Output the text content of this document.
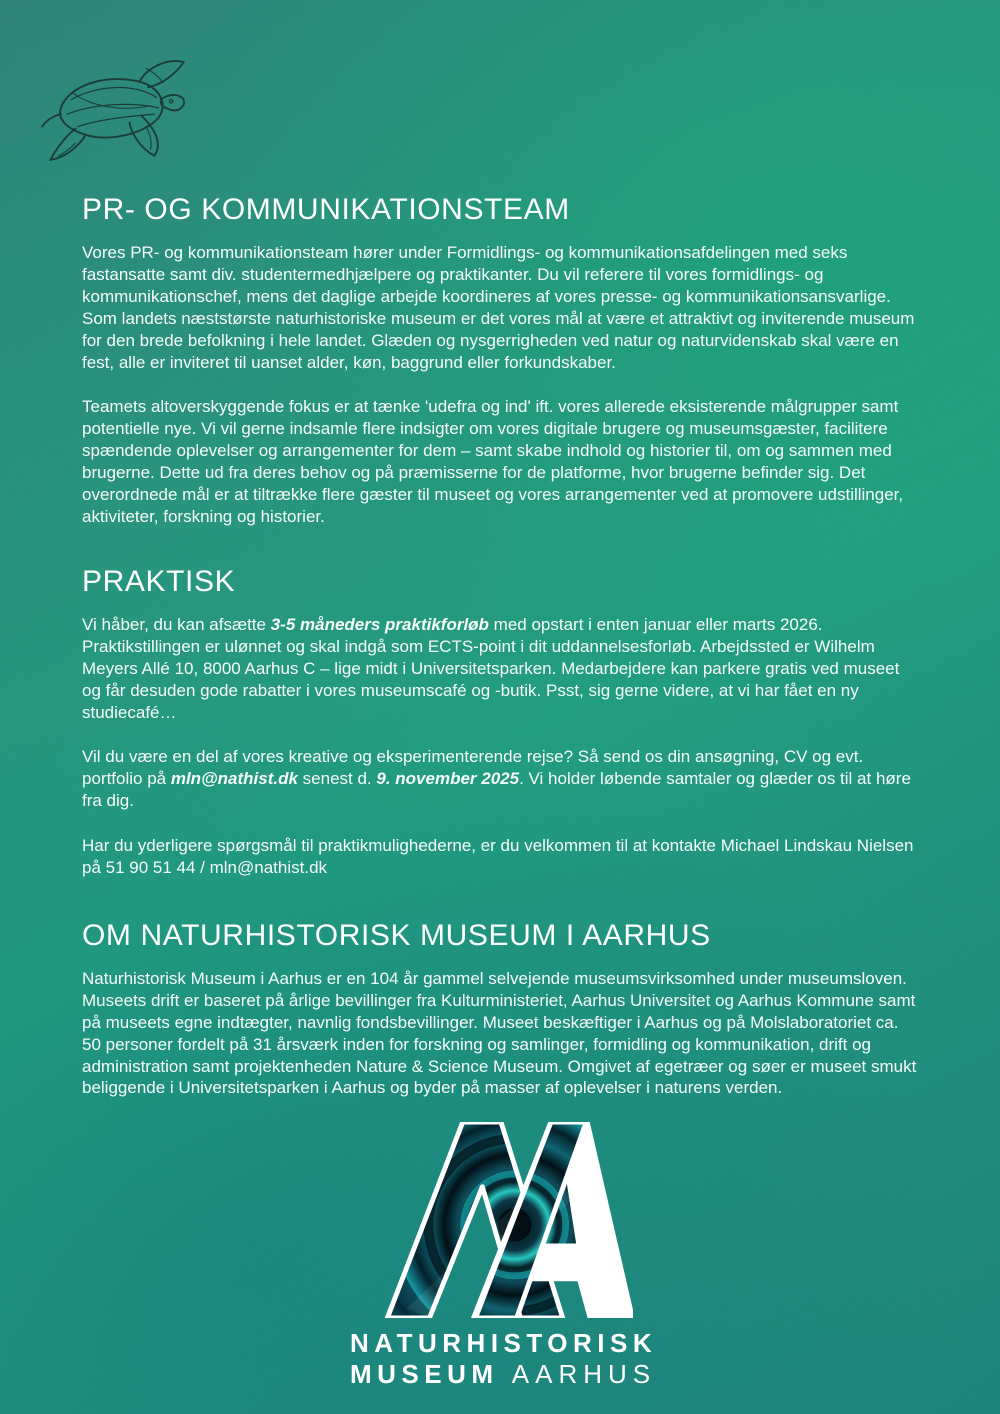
PR- OG KOMMUNIKATIONSTEAM

Vores PR- og kommunikationsteam hører under Formidlings- og kommunikationsafdelingen med seks fastansatte samt div. studentermedhjælpere og praktikanter. Du vil referere til vores formidlings- og kommunikationschef, mens det daglige arbejde koordineres af vores presse- og kommunikationsansvarlige. Som landets næststørste naturhistoriske museum er det vores mål at være et attraktivt og inviterende museum for den brede befolkning i hele landet. Glæden og nysgerrigheden ved natur og naturvidenskab skal være en fest, alle er inviteret til uanset alder, køn, baggrund eller forkundskaber.

Teamets altoverskyggende fokus er at tænke 'udefra og ind' ift. vores allerede eksisterende målgrupper samt potentielle nye. Vi vil gerne indsamle flere indsigter om vores digitale brugere og museumsgæster, facilitere spændende oplevelser og arrangementer for dem – samt skabe indhold og historier til, om og sammen med brugerne. Dette ud fra deres behov og på præmisserne for de platforme, hvor brugerne befinder sig. Det overordnede mål er at tiltrække flere gæster til museet og vores arrangementer ved at promovere udstillinger, aktiviteter, forskning og historier.

PRAKTISK

Vi håber, du kan afsætte 3-5 måneders praktikforløb med opstart i enten januar eller marts 2026. Praktikstillingen er ulønnet og skal indgå som ECTS-point i dit uddannelsesforløb. Arbejdssted er Wilhelm Meyers Allé 10, 8000 Aarhus C – lige midt i Universitetsparken. Medarbejdere kan parkere gratis ved museet og får desuden gode rabatter i vores museumscafé og -butik. Psst, sig gerne videre, at vi har fået en ny studiecafé…

Vil du være en del af vores kreative og eksperimenterende rejse? Så send os din ansøgning, CV og evt. portfolio på mln@nathist.dk senest d. 9. november 2025. Vi holder løbende samtaler og glæder os til at høre fra dig.

Har du yderligere spørgsmål til praktikmulighederne, er du velkommen til at kontakte Michael Lindskau Nielsen på 51 90 51 44 / mln@nathist.dk

OM NATURHISTORISK MUSEUM I AARHUS

Naturhistorisk Museum i Aarhus er en 104 år gammel selvejende museumsvirksomhed under museumsloven. Museets drift er baseret på årlige bevillinger fra Kulturministeriet, Aarhus Universitet og Aarhus Kommune samt på museets egne indtægter, navnlig fondsbevillinger. Museet beskæftiger i Aarhus og på Molslaboratoriet ca. 50 personer fordelt på 31 årsværk inden for forskning og samlinger, formidling og kommunikation, drift og administration samt projektenheden Nature & Science Museum. Omgivet af egetræer og søer er museet smukt beliggende i Universitetsparken i Aarhus og byder på masser af oplevelser i naturens verden.

NATURHISTORISK
MUSEUM AARHUS
